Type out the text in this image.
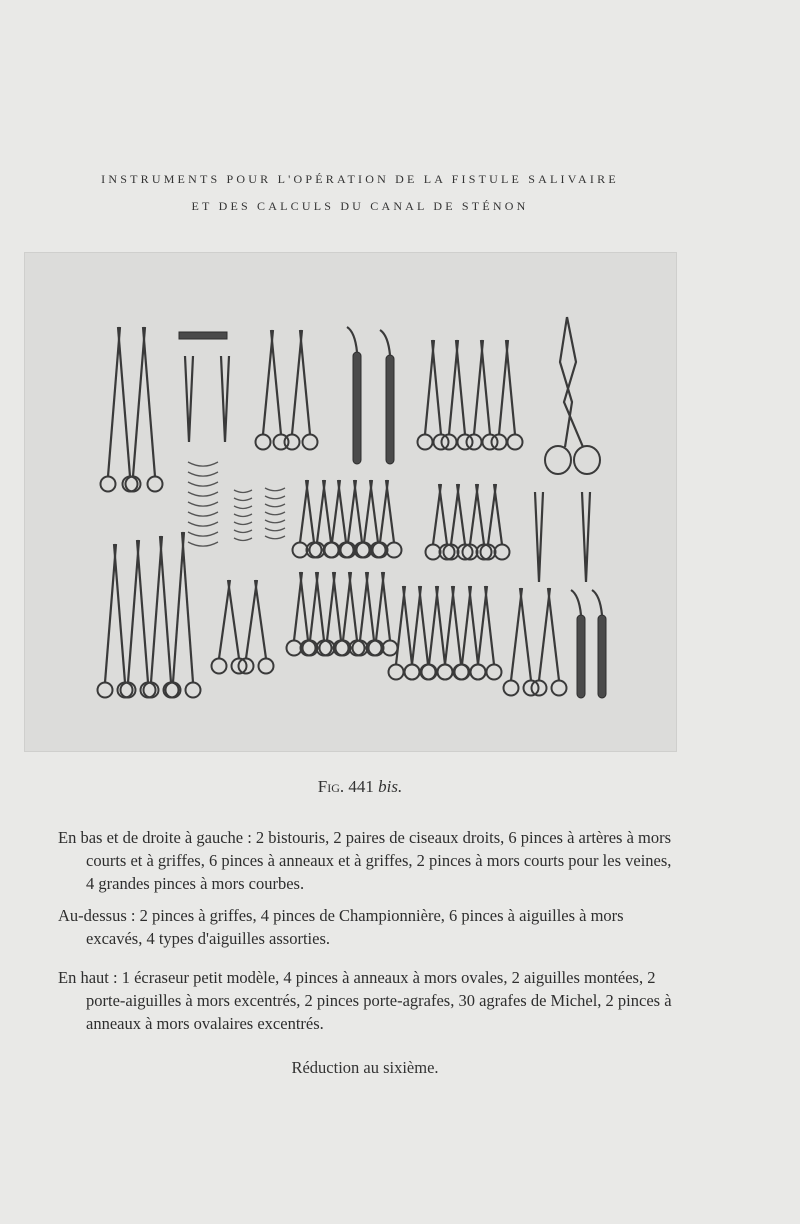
INSTRUMENTS POUR L'OPÉRATION DE LA FISTULE SALIVAIRE
ET DES CALCULS DU CANAL DE STÉNON
Fig. 441 bis.
En bas et de droite à gauche : 2 bistouris, 2 paires de ciseaux droits, 6 pinces à artères à mors courts et à griffes, 6 pinces à anneaux et à griffes, 2 pinces à mors courts pour les veines, 4 grandes pinces à mors courbes.
Au-dessus : 2 pinces à griffes, 4 pinces de Championnière, 6 pinces à aiguilles à mors excavés, 4 types d'aiguilles assorties.
En haut : 1 écraseur petit modèle, 4 pinces à anneaux à mors ovales, 2 aiguilles montées, 2 porte-aiguilles à mors excentrés, 2 pinces porte-agrafes, 30 agrafes de Michel, 2 pinces à anneaux à mors ovalaires excentrés.
Réduction au sixième.
